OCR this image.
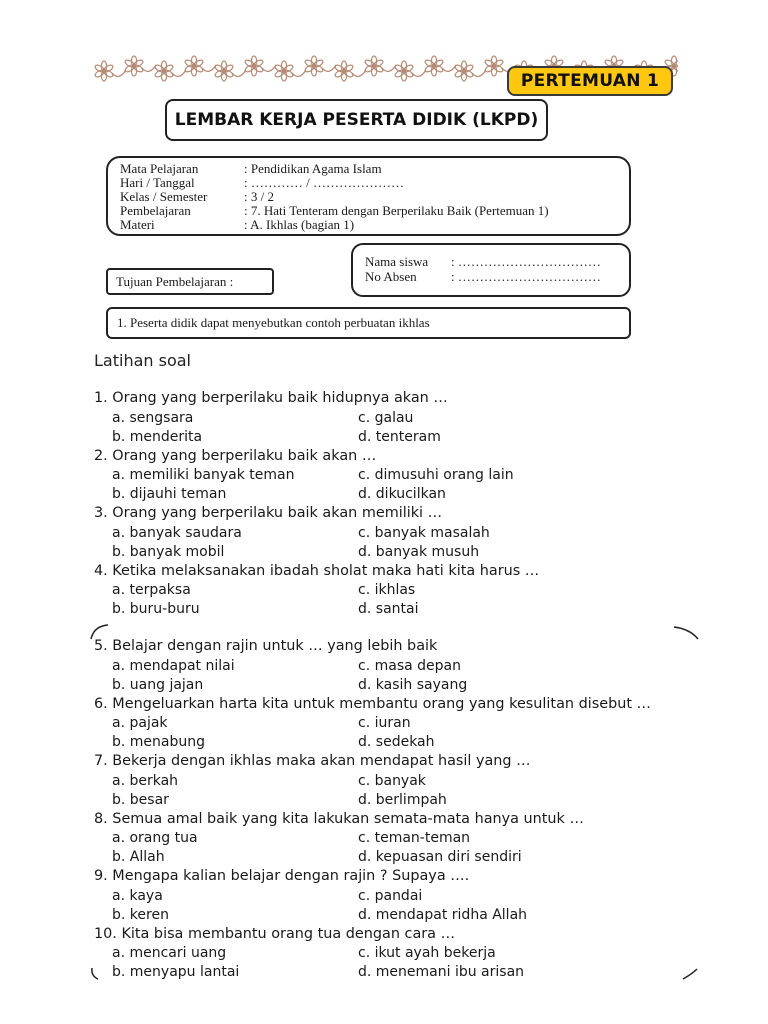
PERTEMUAN 1
LEMBAR KERJA PESERTA DIDIK (LKPD)
Mata Pelajaran	: Pendidikan Agama Islam
Hari / Tanggal	: ………… / …………………
Kelas / Semester	: 3 / 2
Pembelajaran	: 7. Hati Tenteram dengan Berperilaku Baik (Pertemuan 1)
Materi	: A. Ikhlas (bagian 1)
Nama siswa	: ……………………………
No Absen	: ……………………………
Tujuan Pembelajaran :
1. Peserta didik dapat menyebutkan contoh perbuatan ikhlas
Latihan soal
1. Orang yang berperilaku baik hidupnya akan …
a. sengsara	c. galau
b. menderita	d. tenteram
2. Orang yang berperilaku baik akan …
a. memiliki banyak teman	c. dimusuhi orang lain
b. dijauhi teman	d. dikucilkan
3. Orang yang berperilaku baik akan memiliki …
a. banyak saudara	c. banyak masalah
b. banyak mobil	d. banyak musuh
4. Ketika melaksanakan ibadah sholat maka hati kita harus …
a. terpaksa	c. ikhlas
b. buru-buru	d. santai
5. Belajar dengan rajin untuk … yang lebih baik
a. mendapat nilai	c. masa depan
b. uang jajan	d. kasih sayang
6. Mengeluarkan harta kita untuk membantu orang yang kesulitan disebut …
a. pajak	c. iuran
b. menabung	d. sedekah
7. Bekerja dengan ikhlas maka akan mendapat hasil yang …
a. berkah	c. banyak
b. besar	d. berlimpah
8. Semua amal baik yang kita lakukan semata-mata hanya untuk …
a. orang tua	c. teman-teman
b. Allah	d. kepuasan diri sendiri
9. Mengapa kalian belajar dengan rajin ? Supaya ….
a. kaya	c. pandai
b. keren	d. mendapat ridha Allah
10. Kita bisa membantu orang tua dengan cara …
a. mencari uang	c. ikut ayah bekerja
b. menyapu lantai	d. menemani ibu arisan
